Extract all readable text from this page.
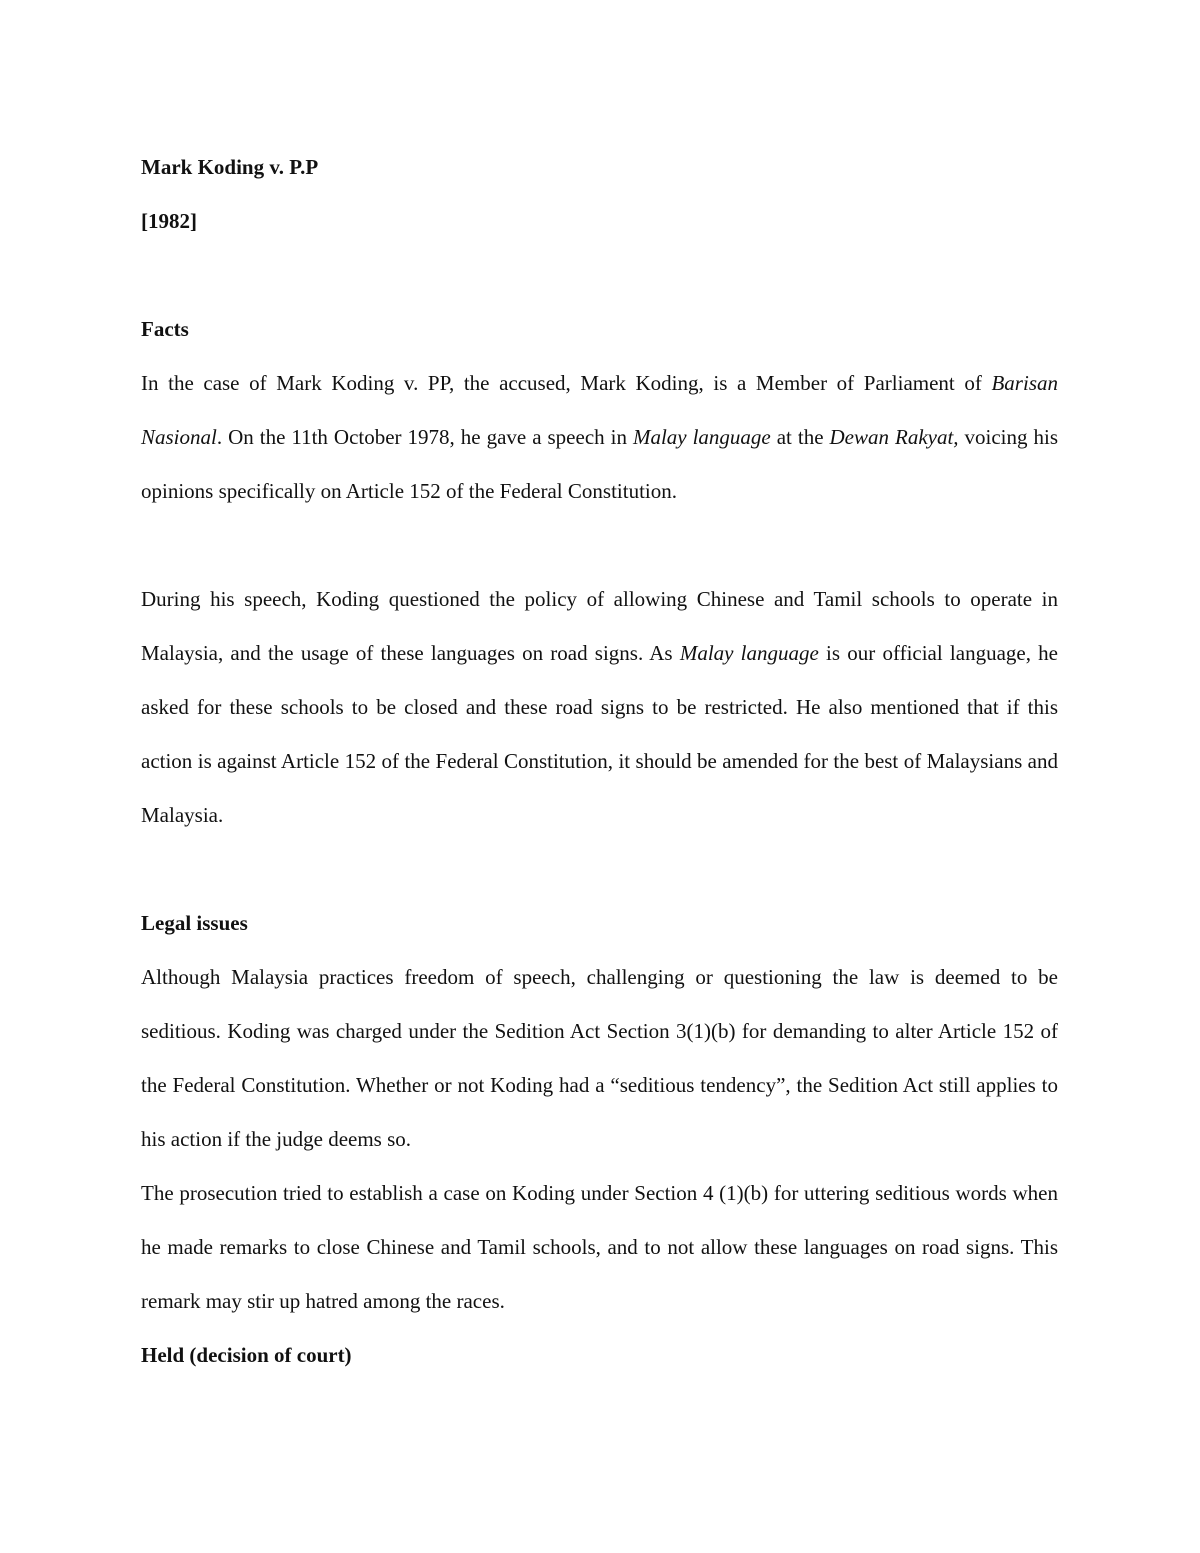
Mark Koding v. P.P
[1982]
Facts

In the case of Mark Koding v. PP, the accused, Mark Koding, is a Member of Parliament of Barisan Nasional. On the 11th October 1978, he gave a speech in Malay language at the Dewan Rakyat, voicing his opinions specifically on Article 152 of the Federal Constitution.

During his speech, Koding questioned the policy of allowing Chinese and Tamil schools to operate in Malaysia, and the usage of these languages on road signs. As Malay language is our official language, he asked for these schools to be closed and these road signs to be restricted. He also mentioned that if this action is against Article 152 of the Federal Constitution, it should be amended for the best of Malaysians and Malaysia.

Legal issues

Although Malaysia practices freedom of speech, challenging or questioning the law is deemed to be seditious. Koding was charged under the Sedition Act Section 3(1)(b) for demanding to alter Article 152 of the Federal Constitution. Whether or not Koding had a “seditious tendency”, the Sedition Act still applies to his action if the judge deems so.

The prosecution tried to establish a case on Koding under Section 4 (1)(b) for uttering seditious words when he made remarks to close Chinese and Tamil schools, and to not allow these languages on road signs. This remark may stir up hatred among the races.

Held (decision of court)
